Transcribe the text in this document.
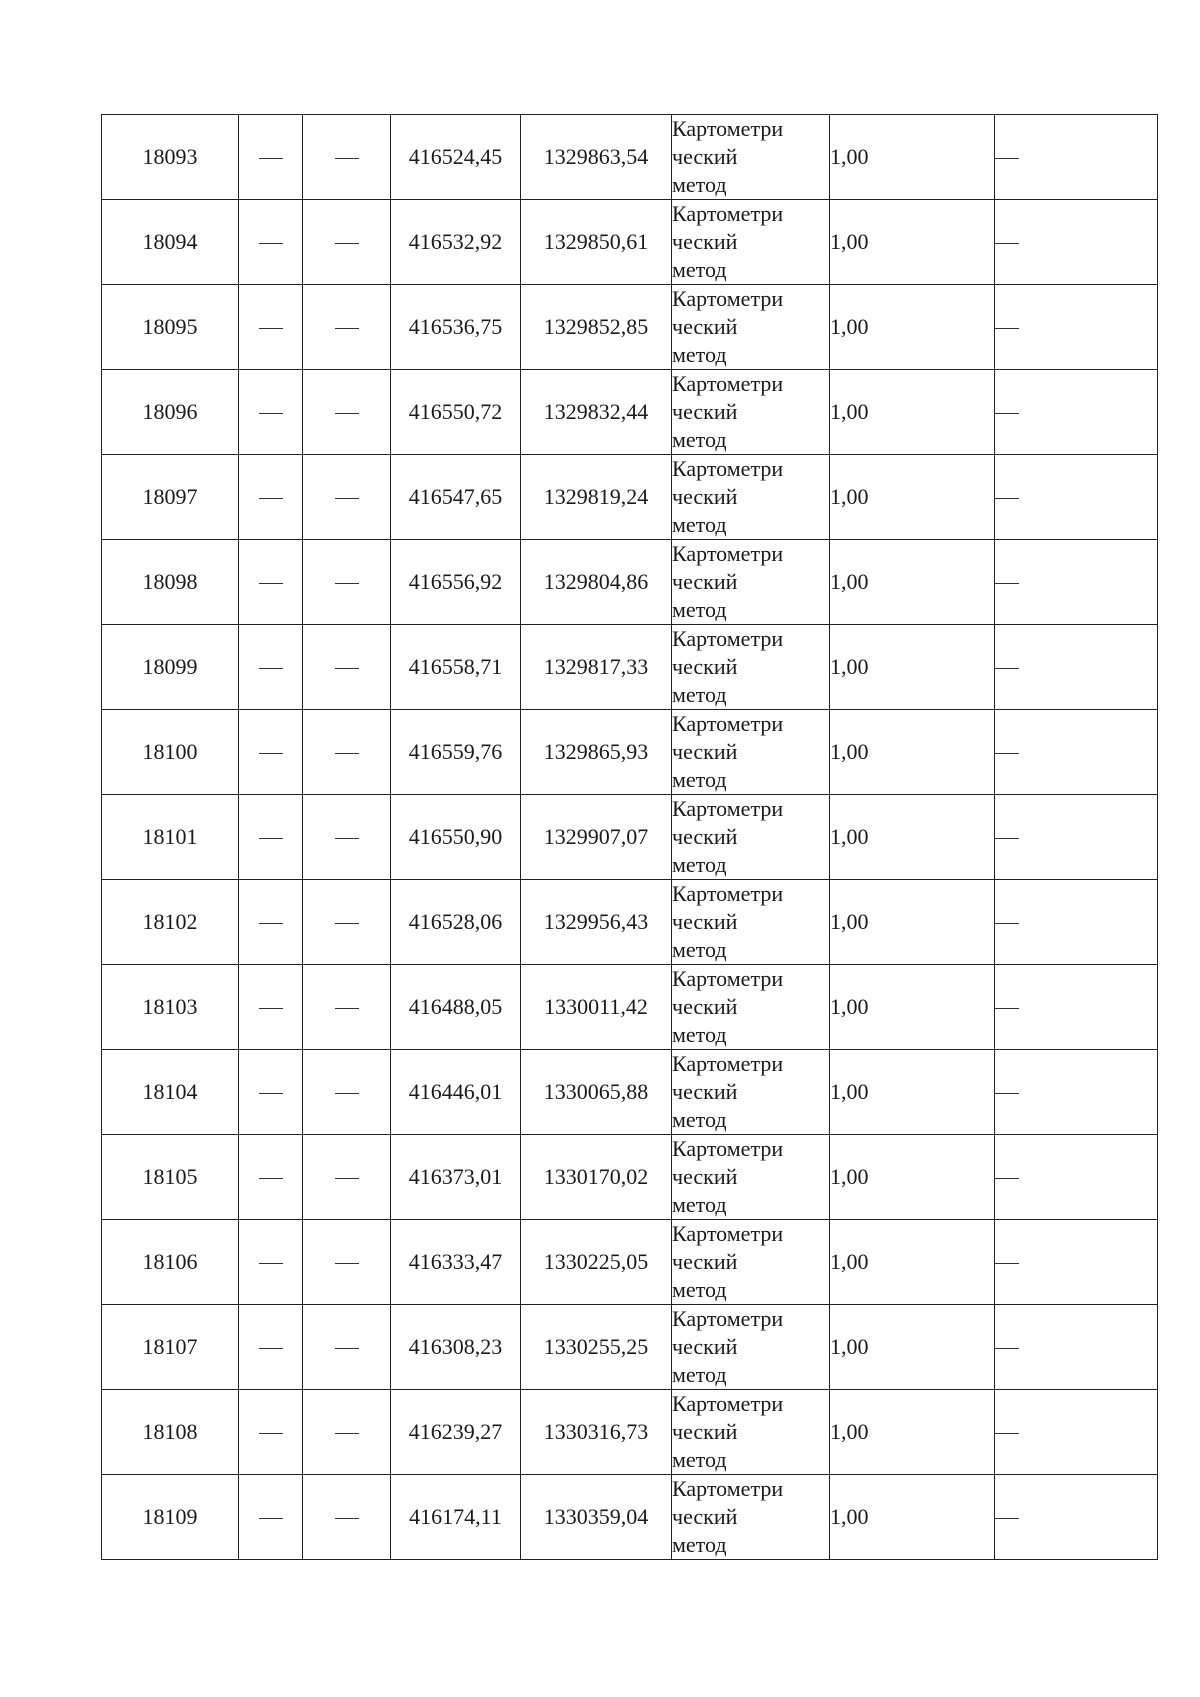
18093			416524,45	1329863,54	Картометри
ческий
метод	1,00	
18094			416532,92	1329850,61	Картометри
ческий
метод	1,00	
18095			416536,75	1329852,85	Картометри
ческий
метод	1,00	
18096			416550,72	1329832,44	Картометри
ческий
метод	1,00	
18097			416547,65	1329819,24	Картометри
ческий
метод	1,00	
18098			416556,92	1329804,86	Картометри
ческий
метод	1,00	
18099			416558,71	1329817,33	Картометри
ческий
метод	1,00	
18100			416559,76	1329865,93	Картометри
ческий
метод	1,00	
18101			416550,90	1329907,07	Картометри
ческий
метод	1,00	
18102			416528,06	1329956,43	Картометри
ческий
метод	1,00	
18103			416488,05	1330011,42	Картометри
ческий
метод	1,00	
18104			416446,01	1330065,88	Картометри
ческий
метод	1,00	
18105			416373,01	1330170,02	Картометри
ческий
метод	1,00	
18106			416333,47	1330225,05	Картометри
ческий
метод	1,00	
18107			416308,23	1330255,25	Картометри
ческий
метод	1,00	
18108			416239,27	1330316,73	Картометри
ческий
метод	1,00	
18109			416174,11	1330359,04	Картометри
ческий
метод	1,00	
